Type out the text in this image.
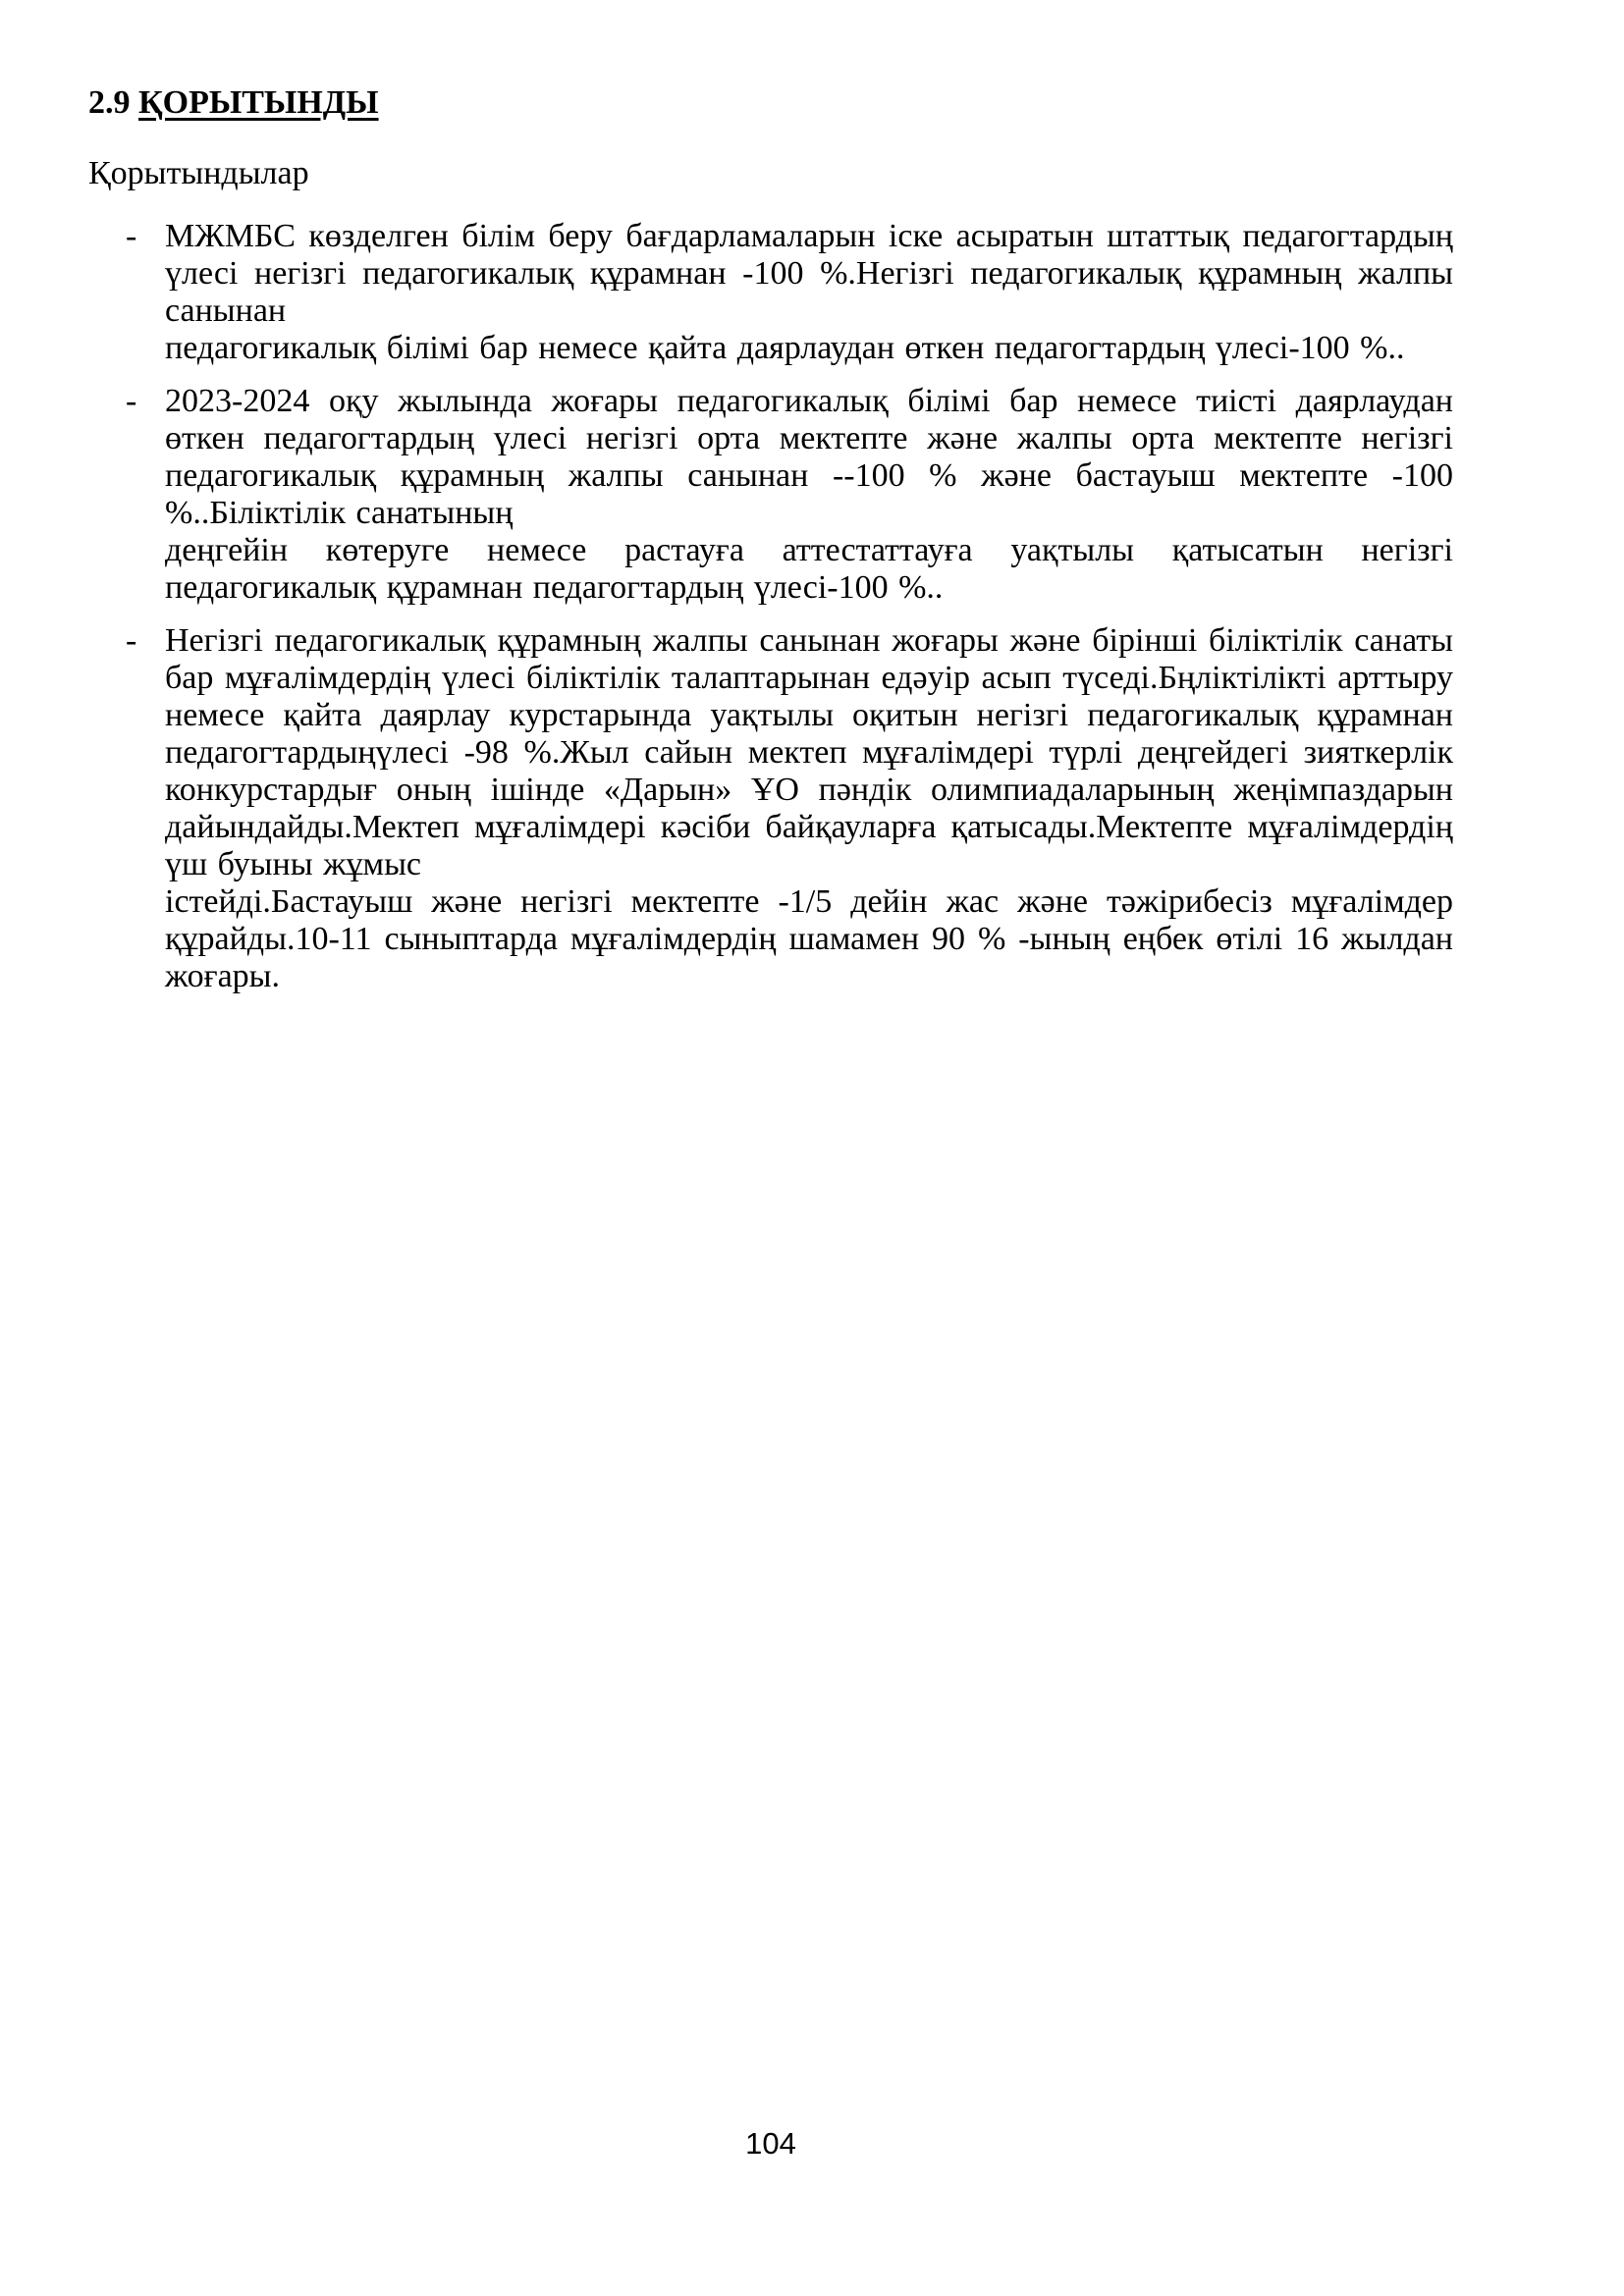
2.9 ҚОРЫТЫНДЫ

Қорытындылар

- МЖМБС көзделген білім беру бағдарламаларын іске асыратын штаттық педагогтардың үлесі негізгі педагогикалық құрамнан -100 %.Негізгі педагогикалық құрамның жалпы санынан

педагогикалық білімі бар немесе қайта даярлаудан өткен педагогтардың үлесі-100 %..

- 2023-2024 оқу жылында жоғары педагогикалық білімі бар немесе тиісті даярлаудан өткен педагогтардың үлесі негізгі орта мектепте және жалпы орта мектепте негізгі педагогикалық құрамның жалпы санынан --100 % және бастауыш мектепте -100 %..Біліктілік санатының

деңгейін көтеруге немесе растауға аттестаттауға уақтылы қатысатын негізгі педагогикалық құрамнан педагогтардың үлесі-100 %..

- Негізгі педагогикалық құрамның жалпы санынан жоғары және бірінші біліктілік санаты бар мұғалімдердің үлесі біліктілік талаптарынан едәуір асып түседі.Бңліктілікті арттыру немесе қайта даярлау курстарында уақтылы оқитын негізгі педагогикалық құрамнан педагогтардыңүлесі -98 %.Жыл сайын мектеп мұғалімдері түрлі деңгейдегі зияткерлік конкурстардығ оның ішінде «Дарын» ҰО пәндік олимпиадаларының жеңімпаздарын дайындайды.Мектеп мұғалімдері кәсіби байқауларға қатысады.Мектепте мұғалімдердің үш буыны жұмыс

істейді.Бастауыш және негізгі мектепте -1/5 дейін жас және тәжірибесіз мұғалімдер құрайды.10-11 сыныптарда мұғалімдердің шамамен 90 % -ының еңбек өтілі 16 жылдан жоғары.

104
